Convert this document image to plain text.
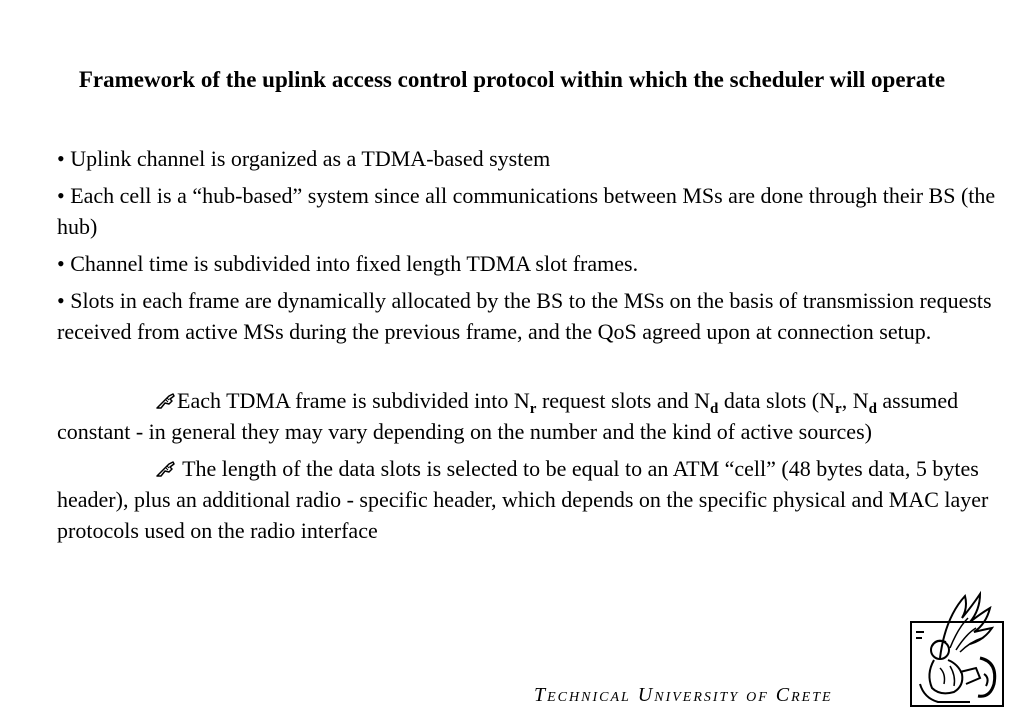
Framework of the uplink access control protocol within which the scheduler will operate
• Uplink channel is organized as a TDMA-based system
• Each cell is a “hub-based” system since all communications between MSs are done through their BS (the hub)
• Channel time is subdivided into fixed length TDMA slot frames.
• Slots in each frame are dynamically allocated by the BS to the MSs on the basis of transmission requests received from active MSs during the previous frame, and the QoS agreed upon at connection setup.
Each TDMA frame is subdivided into $N_r$ request slots and $N_d$ data slots ($N_r$, $N_d$ assumed constant - in general they may vary depending on the number and the kind of active sources)
The length of the data slots is selected to be equal to an ATM “cell” (48 bytes data, 5 bytes header), plus an additional radio - specific header, which depends on the specific physical and MAC layer protocols used on the radio interface
Technical University of Crete
